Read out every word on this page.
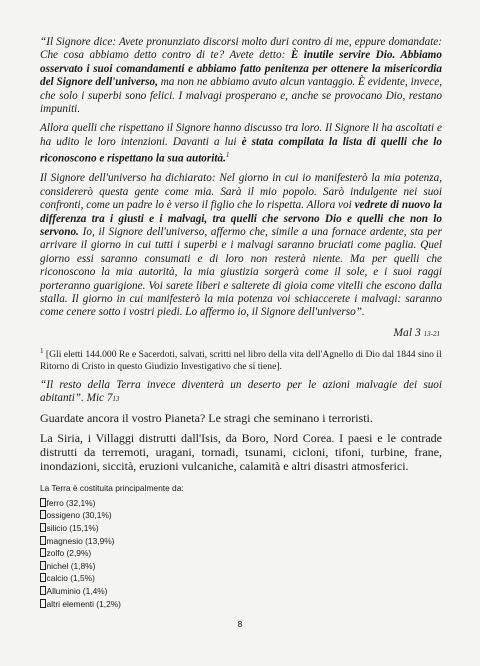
“Il Signore dice: Avete pronunziato discorsi molto duri contro di me, eppure domandate: Che cosa abbiamo detto contro di te? Avete detto: È inutile servire Dio. Abbiamo osservato i suoi comandamenti e abbiamo fatto penitenza per ottenere la misericordia del Signore dell'universo, ma non ne abbiamo avuto alcun vantaggio. È evidente, invece, che solo i superbi sono felici. I malvagi prosperano e, anche se provocano Dio, restano impuniti.

Allora quelli che rispettano il Signore hanno discusso tra loro. Il Signore li ha ascoltati e ha udito le loro intenzioni. Davanti a lui è stata compilata la lista di quelli che lo riconoscono e rispettano la sua autorità.$^1$

Il Signore dell'universo ha dichiarato: Nel giorno in cui io manifesterò la mia potenza, considererò questa gente come mia. Sarà il mio popolo. Sarò indulgente nei suoi confronti, come un padre lo è verso il figlio che lo rispetta. Allora voi vedrete di nuovo la differenza tra i giusti e i malvagi, tra quelli che servono Dio e quelli che non lo servono. Io, il Signore dell'universo, affermo che, simile a una fornace ardente, sta per arrivare il giorno in cui tutti i superbi e i malvagi saranno bruciati come paglia. Quel giorno essi saranno consumati e di loro non resterà niente. Ma per quelli che riconoscono la mia autorità, la mia giustizia sorgerà come il sole, e i suoi raggi porteranno guarigione. Voi sarete liberi e salterete di gioia come vitelli che escono dalla stalla. Il giorno in cui manifesterò la mia potenza voi schiaccerete i malvagi: saranno come cenere sotto i vostri piedi. Lo affermo io, il Signore dell'universo”.

Mal 3 13-21

$^1$ [Gli eletti 144.000 Re e Sacerdoti, salvati, scritti nel libro della vita dell'Agnello di Dio dal 1844 sino il Ritorno di Cristo in questo Giudizio Investigativo che si tiene].

“Il resto della Terra invece diventerà un deserto per le azioni malvagie dei suoi abitanti”. Mic 713

Guardate ancora il vostro Pianeta? Le stragi che seminano i terroristi.

La Siria, i Villaggi distrutti dall'Isis, da Boro, Nord Corea. I paesi e le contrade distrutti da terremoti, uragani, tornadi, tsunami, cicloni, tifoni, turbine, frane, inondazioni, siccità, eruzioni vulcaniche, calamità e altri disastri atmosferici.

La Terra è costituita principalmente da:
ferro (32,1%)
ossigeno (30,1%)
silicio (15,1%)
magnesio (13,9%)
zolfo (2,9%)
nichel (1,8%)
calcio (1,5%)
Alluminio (1,4%)
altri elementi (1,2%)
8
